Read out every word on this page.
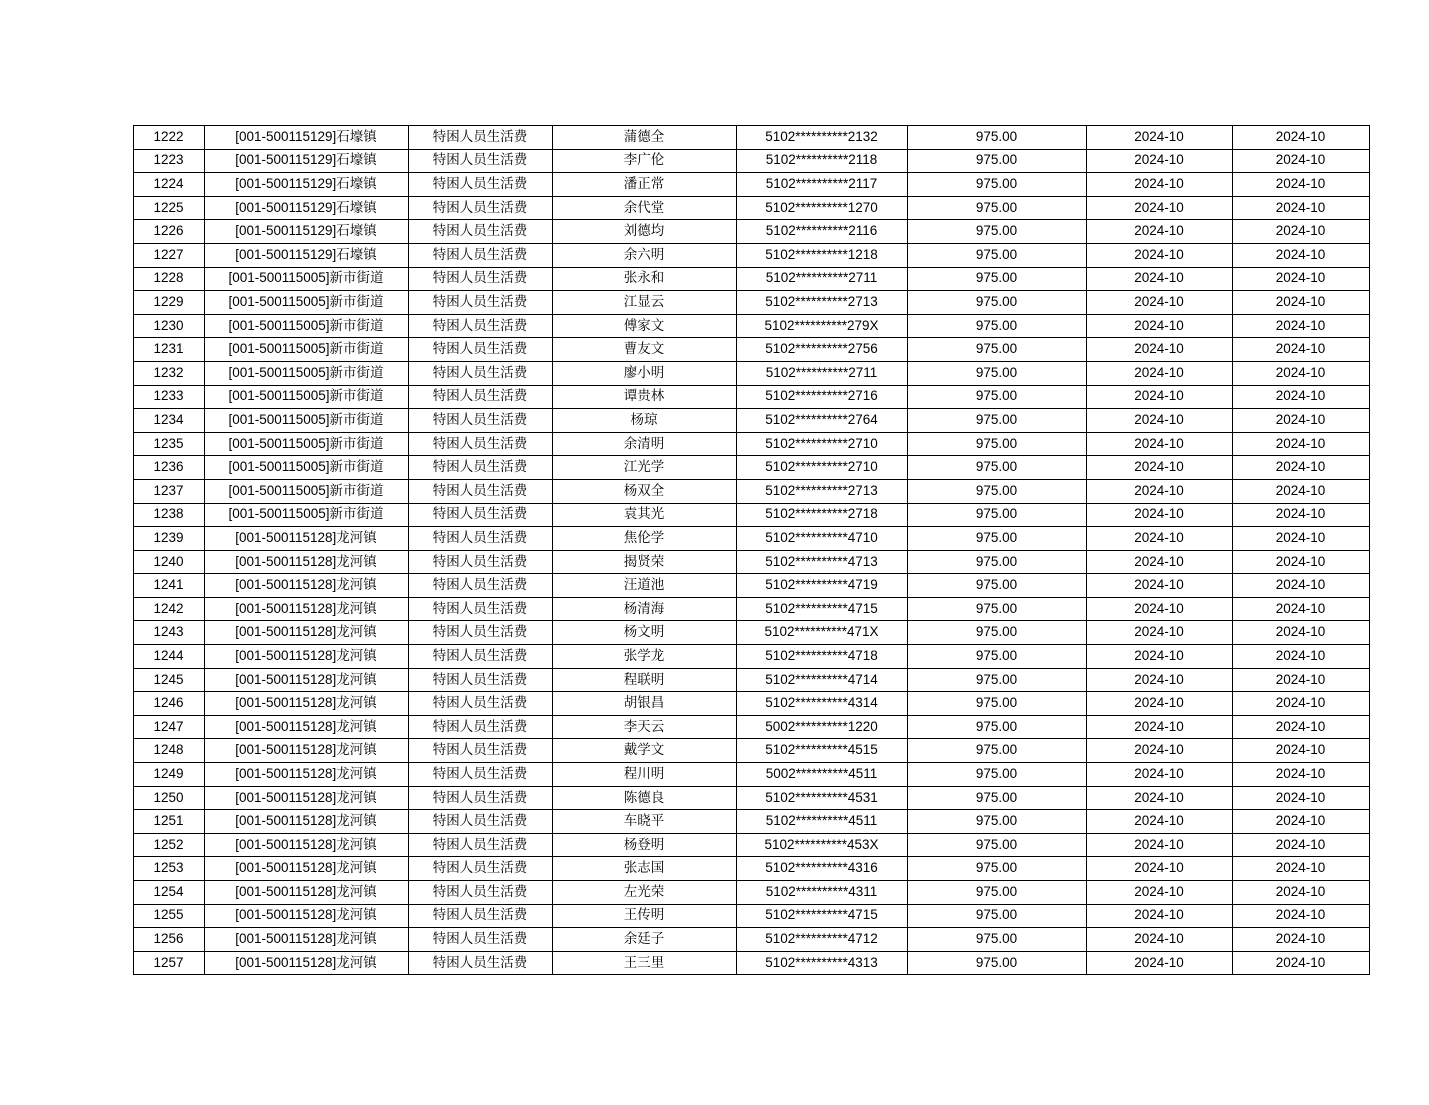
1222	[001-500115129]石壕镇	特困人员生活费	蒲德全	5102**********2132	975.00	2024-10	2024-10
1223	[001-500115129]石壕镇	特困人员生活费	李广伦	5102**********2118	975.00	2024-10	2024-10
1224	[001-500115129]石壕镇	特困人员生活费	潘正常	5102**********2117	975.00	2024-10	2024-10
1225	[001-500115129]石壕镇	特困人员生活费	余代堂	5102**********1270	975.00	2024-10	2024-10
1226	[001-500115129]石壕镇	特困人员生活费	刘德均	5102**********2116	975.00	2024-10	2024-10
1227	[001-500115129]石壕镇	特困人员生活费	余六明	5102**********1218	975.00	2024-10	2024-10
1228	[001-500115005]新市街道	特困人员生活费	张永和	5102**********2711	975.00	2024-10	2024-10
1229	[001-500115005]新市街道	特困人员生活费	江显云	5102**********2713	975.00	2024-10	2024-10
1230	[001-500115005]新市街道	特困人员生活费	傅家文	5102**********279X	975.00	2024-10	2024-10
1231	[001-500115005]新市街道	特困人员生活费	曹友文	5102**********2756	975.00	2024-10	2024-10
1232	[001-500115005]新市街道	特困人员生活费	廖小明	5102**********2711	975.00	2024-10	2024-10
1233	[001-500115005]新市街道	特困人员生活费	谭贵林	5102**********2716	975.00	2024-10	2024-10
1234	[001-500115005]新市街道	特困人员生活费	杨琼	5102**********2764	975.00	2024-10	2024-10
1235	[001-500115005]新市街道	特困人员生活费	余清明	5102**********2710	975.00	2024-10	2024-10
1236	[001-500115005]新市街道	特困人员生活费	江光学	5102**********2710	975.00	2024-10	2024-10
1237	[001-500115005]新市街道	特困人员生活费	杨双全	5102**********2713	975.00	2024-10	2024-10
1238	[001-500115005]新市街道	特困人员生活费	袁其光	5102**********2718	975.00	2024-10	2024-10
1239	[001-500115128]龙河镇	特困人员生活费	焦伦学	5102**********4710	975.00	2024-10	2024-10
1240	[001-500115128]龙河镇	特困人员生活费	揭贤荣	5102**********4713	975.00	2024-10	2024-10
1241	[001-500115128]龙河镇	特困人员生活费	汪道池	5102**********4719	975.00	2024-10	2024-10
1242	[001-500115128]龙河镇	特困人员生活费	杨清海	5102**********4715	975.00	2024-10	2024-10
1243	[001-500115128]龙河镇	特困人员生活费	杨文明	5102**********471X	975.00	2024-10	2024-10
1244	[001-500115128]龙河镇	特困人员生活费	张学龙	5102**********4718	975.00	2024-10	2024-10
1245	[001-500115128]龙河镇	特困人员生活费	程联明	5102**********4714	975.00	2024-10	2024-10
1246	[001-500115128]龙河镇	特困人员生活费	胡银昌	5102**********4314	975.00	2024-10	2024-10
1247	[001-500115128]龙河镇	特困人员生活费	李天云	5002**********1220	975.00	2024-10	2024-10
1248	[001-500115128]龙河镇	特困人员生活费	戴学文	5102**********4515	975.00	2024-10	2024-10
1249	[001-500115128]龙河镇	特困人员生活费	程川明	5002**********4511	975.00	2024-10	2024-10
1250	[001-500115128]龙河镇	特困人员生活费	陈德良	5102**********4531	975.00	2024-10	2024-10
1251	[001-500115128]龙河镇	特困人员生活费	车晓平	5102**********4511	975.00	2024-10	2024-10
1252	[001-500115128]龙河镇	特困人员生活费	杨登明	5102**********453X	975.00	2024-10	2024-10
1253	[001-500115128]龙河镇	特困人员生活费	张志国	5102**********4316	975.00	2024-10	2024-10
1254	[001-500115128]龙河镇	特困人员生活费	左光荣	5102**********4311	975.00	2024-10	2024-10
1255	[001-500115128]龙河镇	特困人员生活费	王传明	5102**********4715	975.00	2024-10	2024-10
1256	[001-500115128]龙河镇	特困人员生活费	余廷子	5102**********4712	975.00	2024-10	2024-10
1257	[001-500115128]龙河镇	特困人员生活费	王三里	5102**********4313	975.00	2024-10	2024-10
